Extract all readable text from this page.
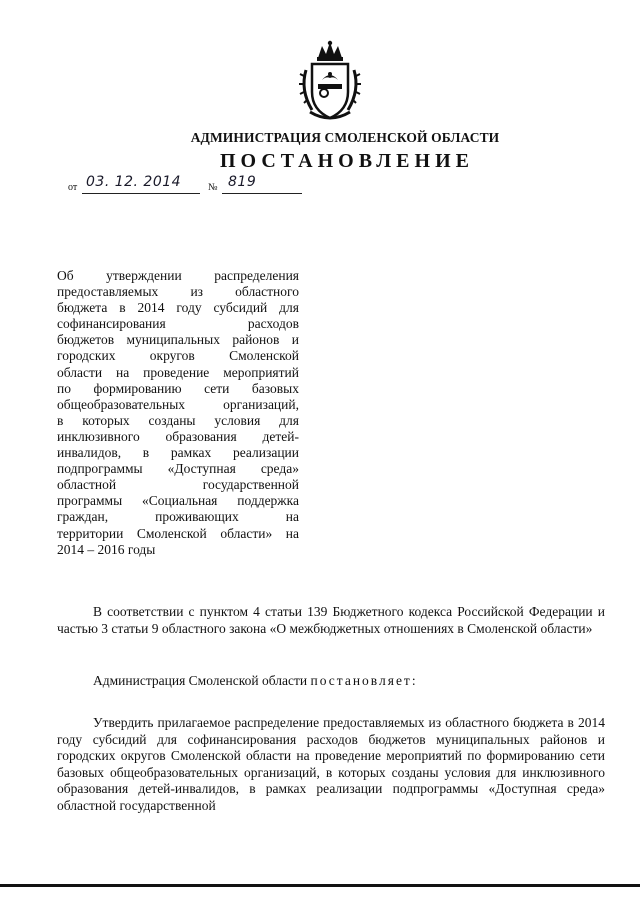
АДМИНИСТРАЦИЯ СМОЛЕНСКОЙ ОБЛАСТИ
ПОСТАНОВЛЕНИЕ
от 03. 12. 2014	№ 819
Об утверждении распределения
предоставляемых из областного
бюджета в 2014 году субсидий для
софинансирования расходов
бюджетов муниципальных районов и
городских округов Смоленской
области на проведение мероприятий
по формированию сети базовых
общеобразовательных организаций,
в которых созданы условия для
инклюзивного образования детей-
инвалидов, в рамках реализации
подпрограммы «Доступная среда»
областной государственной
программы «Социальная поддержка
граждан, проживающих на
территории Смоленской области» на
2014 – 2016 годы

В соответствии с пунктом 4 статьи 139 Бюджетного кодекса Российской Федерации и частью 3 статьи 9 областного закона «О межбюджетных отношениях в Смоленской области»

Администрация Смоленской области постановляет:

Утвердить прилагаемое распределение предоставляемых из областного бюджета в 2014 году субсидий для софинансирования расходов бюджетов муниципальных районов и городских округов Смоленской области на проведение мероприятий по формированию сети базовых общеобразовательных организаций, в которых созданы условия для инклюзивного образования детей-инвалидов, в рамках реализации подпрограммы «Доступная среда» областной государственной
